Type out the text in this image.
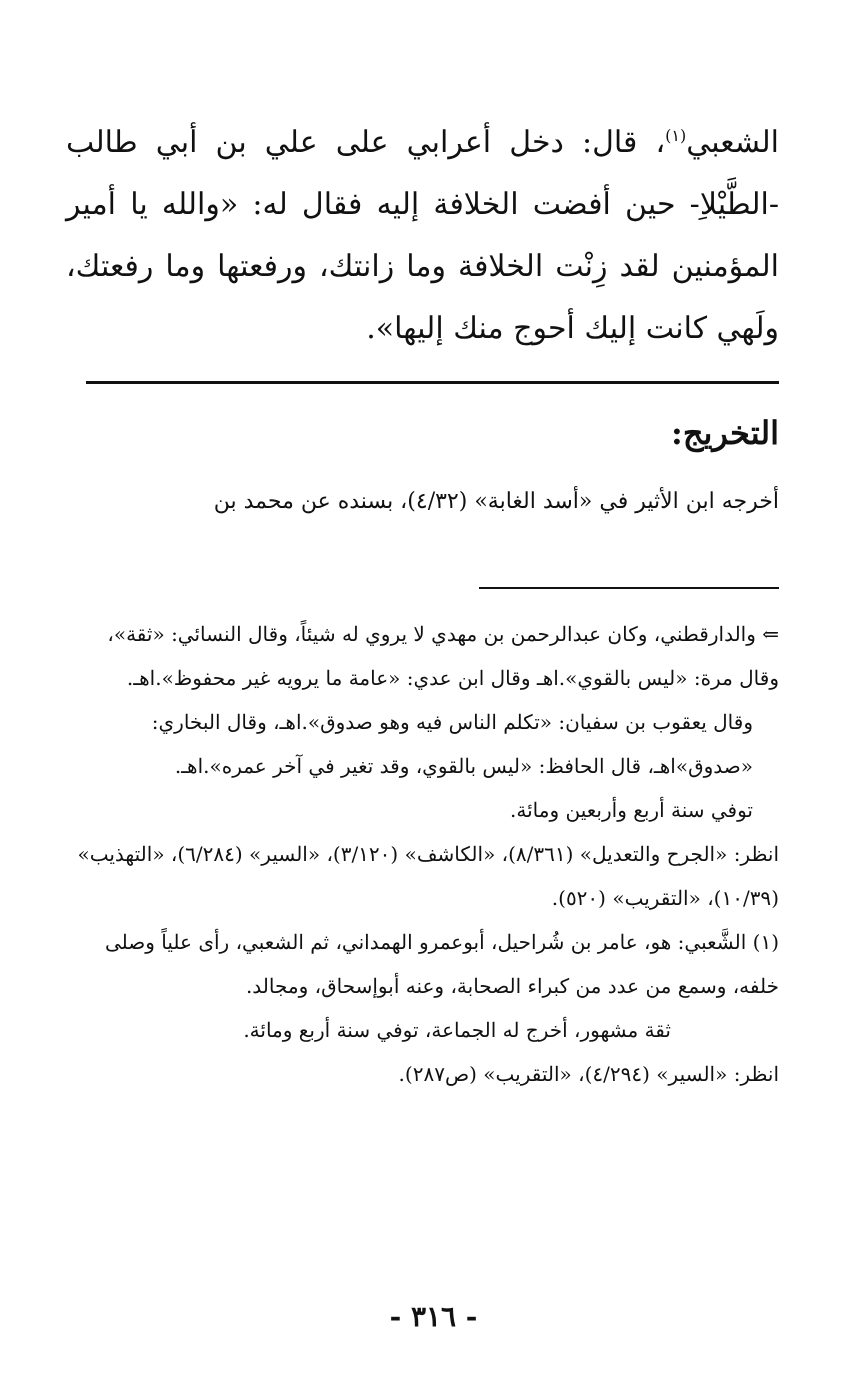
الشعبي$^{(١)}$، قال: دخل أعرابي على علي بن أبي طالب -الطَّيْلاِ- حين أفضت الخلافة إليه فقال له: «والله يا أمير المؤمنين لقد زِنْت الخلافة وما زانتك، ورفعتها وما رفعتك، ولَهي كانت إليك أحوج منك إليها».

التخريج:

أخرجه ابن الأثير في «أسد الغابة» (٤/٣٢)، بسنده عن محمد بن

⇐ والدارقطني، وكان عبدالرحمن بن مهدي لا يروي له شيئاً، وقال النسائي: «ثقة»، وقال مرة: «ليس بالقوي».اهـ وقال ابن عدي: «عامة ما يرويه غير محفوظ».اهـ.

وقال يعقوب بن سفيان: «تكلم الناس فيه وهو صدوق».اهـ، وقال البخاري: «صدوق»اهـ، قال الحافظ: «ليس بالقوي، وقد تغير في آخر عمره».اهـ.

توفي سنة أربع وأربعين ومائة.

انظر: «الجرح والتعديل» (٨/٣٦١)، «الكاشف» (٣/١٢٠)، «السير» (٦/٢٨٤)، «التهذيب» (١٠/٣٩)، «التقريب» (٥٢٠).

(١) الشَّعبي: هو، عامر بن شُراحيل، أبوعمرو الهمداني، ثم الشعبي، رأى علياً وصلى خلفه، وسمع من عدد من كبراء الصحابة، وعنه أبوإسحاق، ومجالد.

ثقة مشهور، أخرج له الجماعة، توفي سنة أربع ومائة.

انظر: «السير» (٤/٢٩٤)، «التقريب» (ص٢٨٧).

- ٣١٦ -
